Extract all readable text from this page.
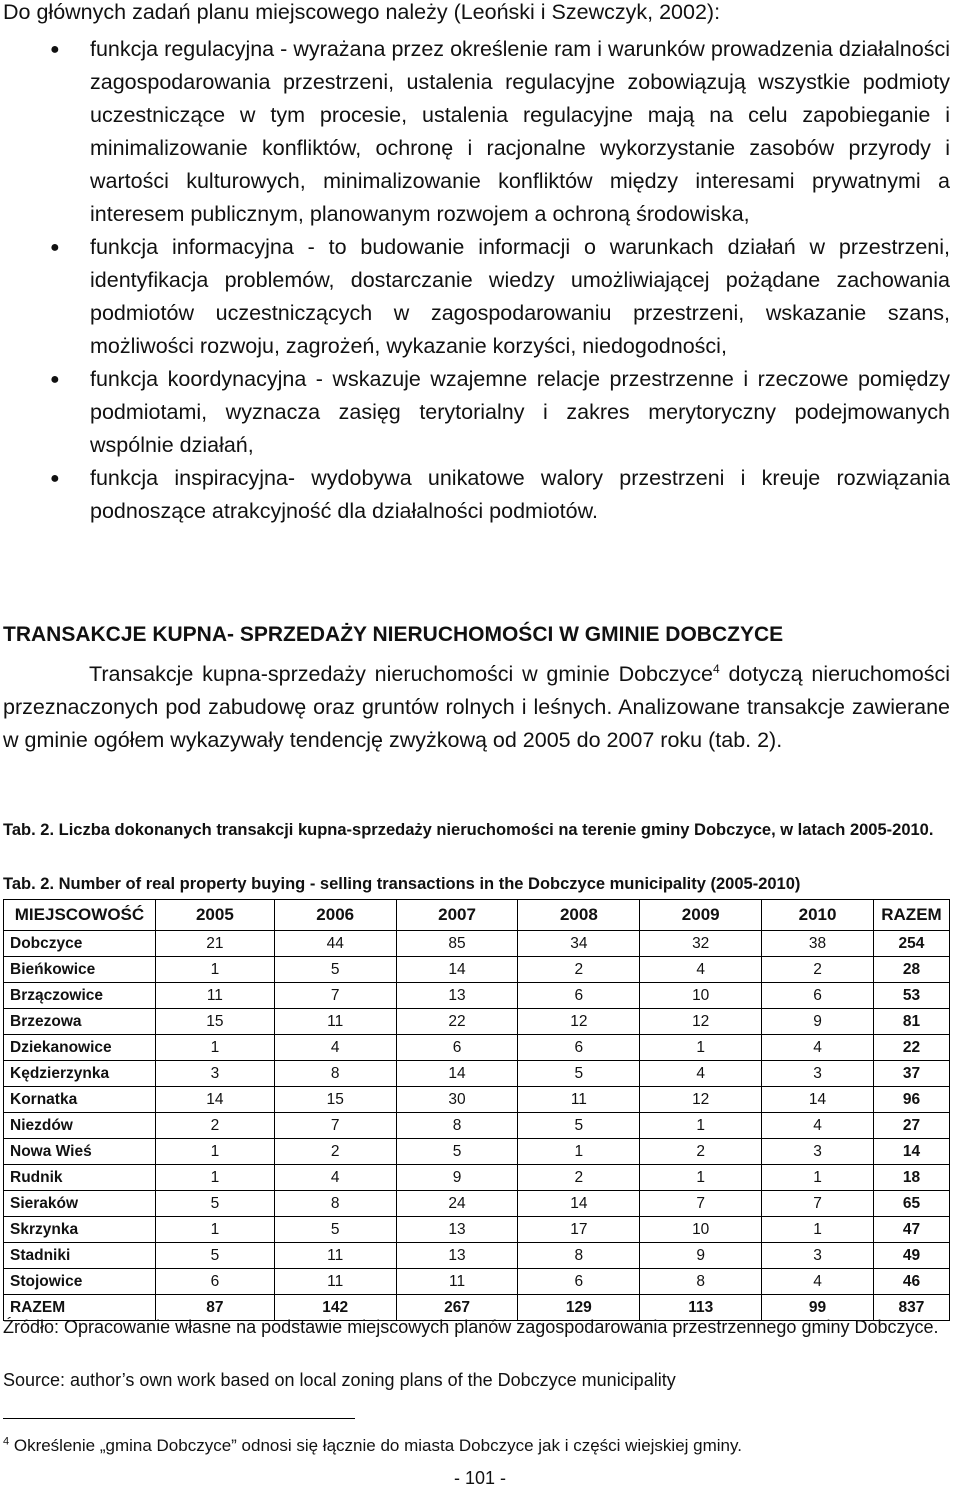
Do głównych zadań planu miejscowego należy (Leoński i Szewczyk, 2002):
● funkcja regulacyjna - wyrażana przez określenie ram i warunków prowadzenia działalności zagospodarowania przestrzeni, ustalenia regulacyjne zobowiązują wszystkie podmioty uczestniczące w tym procesie, ustalenia regulacyjne mają na celu zapobieganie i minimalizowanie konfliktów, ochronę i racjonalne wykorzystanie zasobów przyrody i wartości kulturowych, minimalizowanie konfliktów między interesami prywatnymi a interesem publicznym, planowanym rozwojem a ochroną środowiska,
● funkcja informacyjna - to budowanie informacji o warunkach działań w przestrzeni, identyfikacja problemów, dostarczanie wiedzy umożliwiającej pożądane zachowania podmiotów uczestniczących w zagospodarowaniu przestrzeni, wskazanie szans, możliwości rozwoju, zagrożeń, wykazanie korzyści, niedogodności,
● funkcja koordynacyjna - wskazuje wzajemne relacje przestrzenne i rzeczowe pomiędzy podmiotami, wyznacza zasięg terytorialny i zakres merytoryczny podejmowanych wspólnie działań,
● funkcja inspiracyjna- wydobywa unikatowe walory przestrzeni i kreuje rozwiązania podnoszące atrakcyjność dla działalności podmiotów.
TRANSAKCJE KUPNA- SPRZEDAŻY NIERUCHOMOŚCI W GMINIE DOBCZYCE
Transakcje kupna-sprzedaży nieruchomości w gminie Dobczyce$^4$ dotyczą nieruchomości przeznaczonych pod zabudowę oraz gruntów rolnych i leśnych. Analizowane transakcje zawierane w gminie ogółem wykazywały tendencję zwyżkową od 2005 do 2007 roku (tab. 2).
Tab. 2. Liczba dokonanych transakcji kupna-sprzedaży nieruchomości na terenie gminy Dobczyce, w latach 2005-2010.
Tab. 2. Number of real property buying - selling transactions in the Dobczyce municipality (2005-2010)
MIEJSCOWOŚĆ	2005	2006	2007	2008	2009	2010	RAZEM
Dobczyce	21	44	85	34	32	38	254
Bieńkowice	1	5	14	2	4	2	28
Brzączowice	11	7	13	6	10	6	53
Brzezowa	15	11	22	12	12	9	81
Dziekanowice	1	4	6	6	1	4	22
Kędzierzynka	3	8	14	5	4	3	37
Kornatka	14	15	30	11	12	14	96
Niezdów	2	7	8	5	1	4	27
Nowa Wieś	1	2	5	1	2	3	14
Rudnik	1	4	9	2	1	1	18
Sieraków	5	8	24	14	7	7	65
Skrzynka	1	5	13	17	10	1	47
Stadniki	5	11	13	8	9	3	49
Stojowice	6	11	11	6	8	4	46
RAZEM	87	142	267	129	113	99	837
Źródło: Opracowanie własne na podstawie miejscowych planów zagospodarowania przestrzennego gminy Dobczyce.
Source: author’s own work based on local zoning plans of the Dobczyce municipality
$^4$ Określenie „gmina Dobczyce” odnosi się łącznie do miasta Dobczyce jak i części wiejskiej gminy.
- 101 -
